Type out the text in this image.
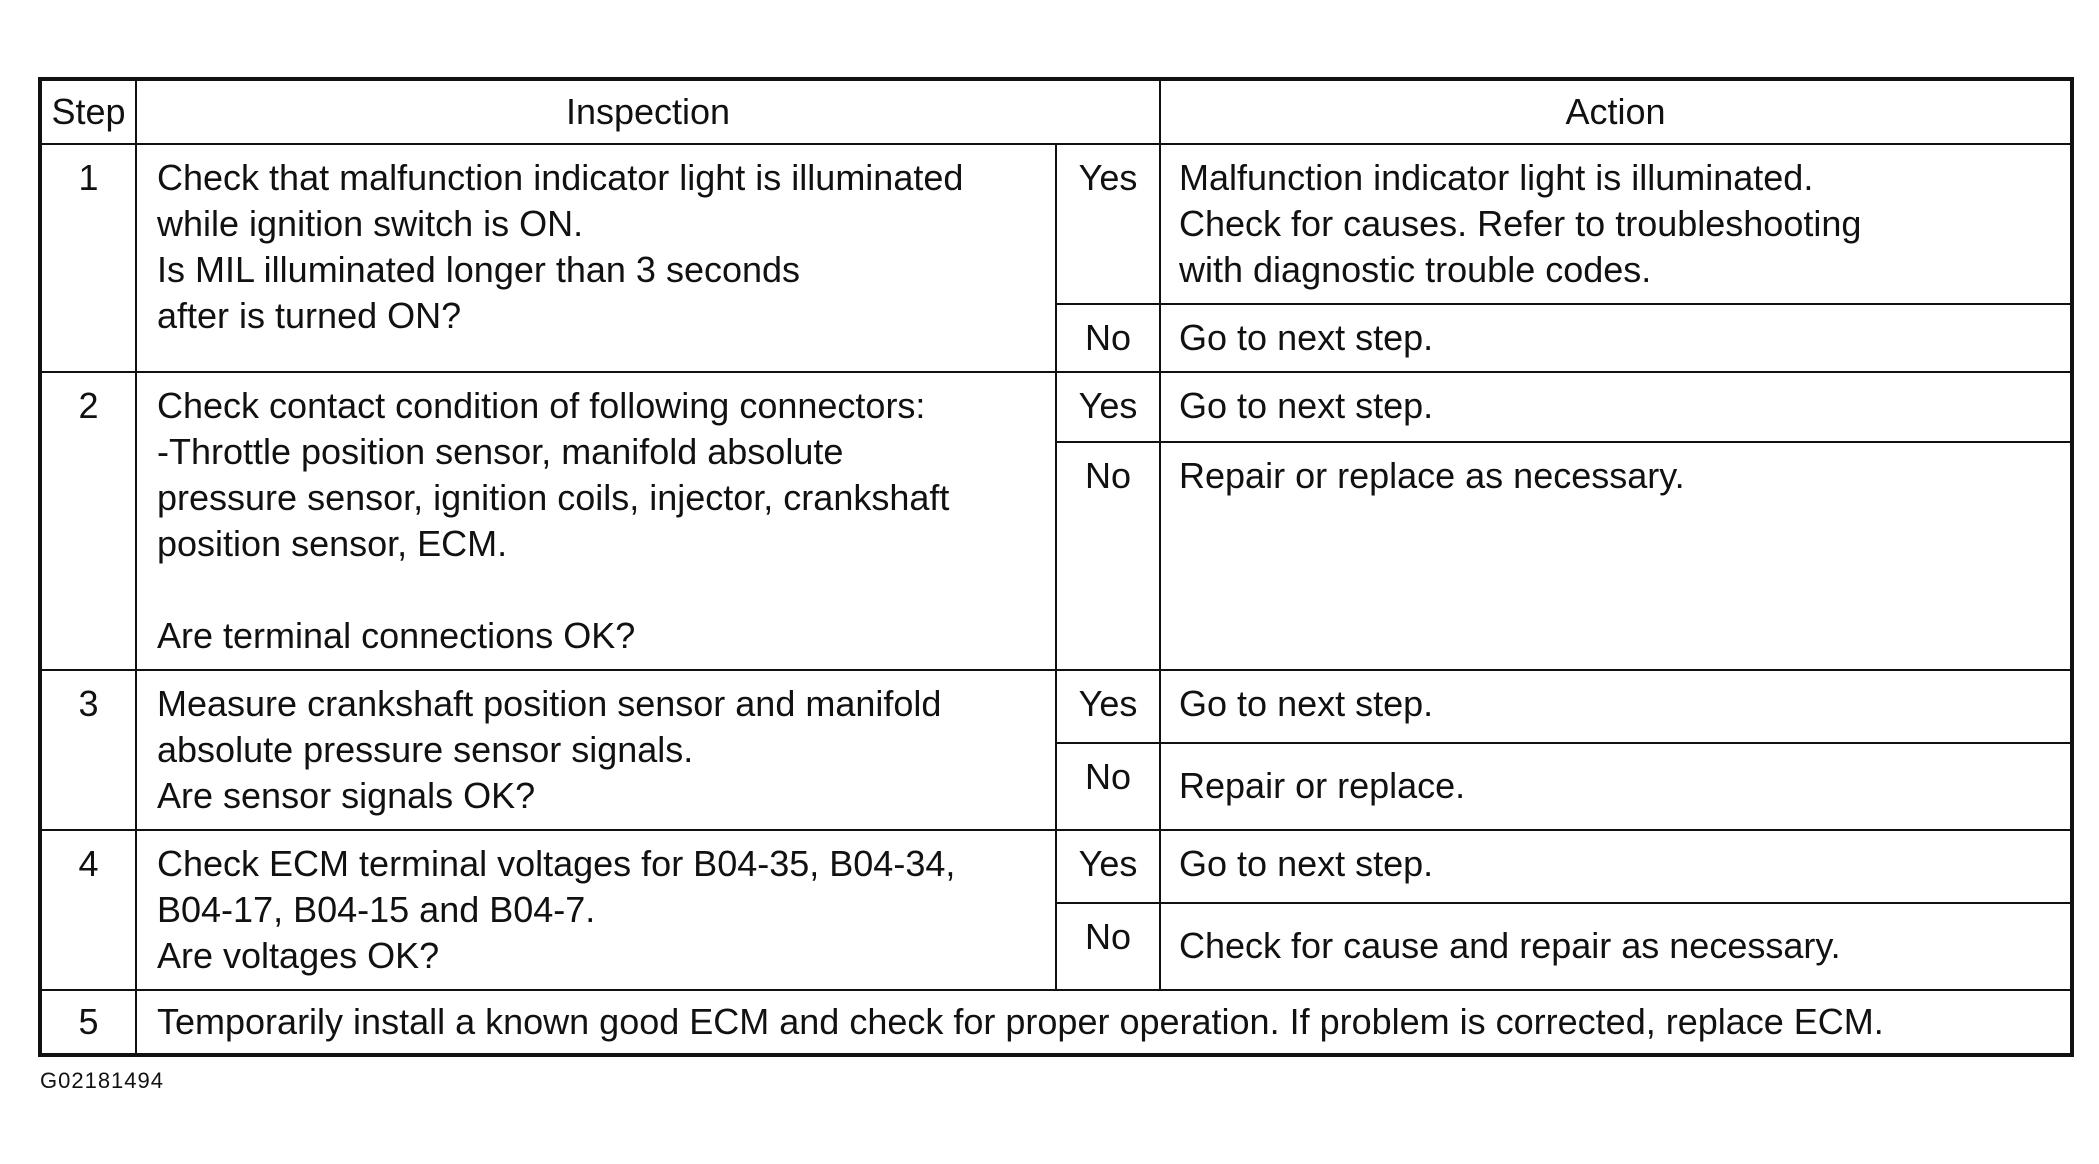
Step	Inspection		Action
1	Check that malfunction indicator light is illuminated
while ignition switch is ON.
Is MIL illuminated longer than 3 seconds
after is turned ON?	Yes	Malfunction indicator light is illuminated.
Check for causes. Refer to troubleshooting
with diagnostic trouble codes.

		No	Go to next step.

2	Check contact condition of following connectors:
-Throttle position sensor, manifold absolute
pressure sensor, ignition coils, injector, crankshaft
position sensor, ECM.
Are terminal connections OK?	Yes	Go to next step.

		No	Repair or replace as necessary.

3	Measure crankshaft position sensor and manifold
absolute pressure sensor signals.
Are sensor signals OK?	Yes	Go to next step.

		No	Repair or replace.

4	Check ECM terminal voltages for B04-35, B04-34,
B04-17, B04-15 and B04-7.
Are voltages OK?	Yes	Go to next step.

		No	Check for cause and repair as necessary.

5	Temporarily install a known good ECM and check for proper operation. If problem is corrected, replace ECM.		
G02181494
